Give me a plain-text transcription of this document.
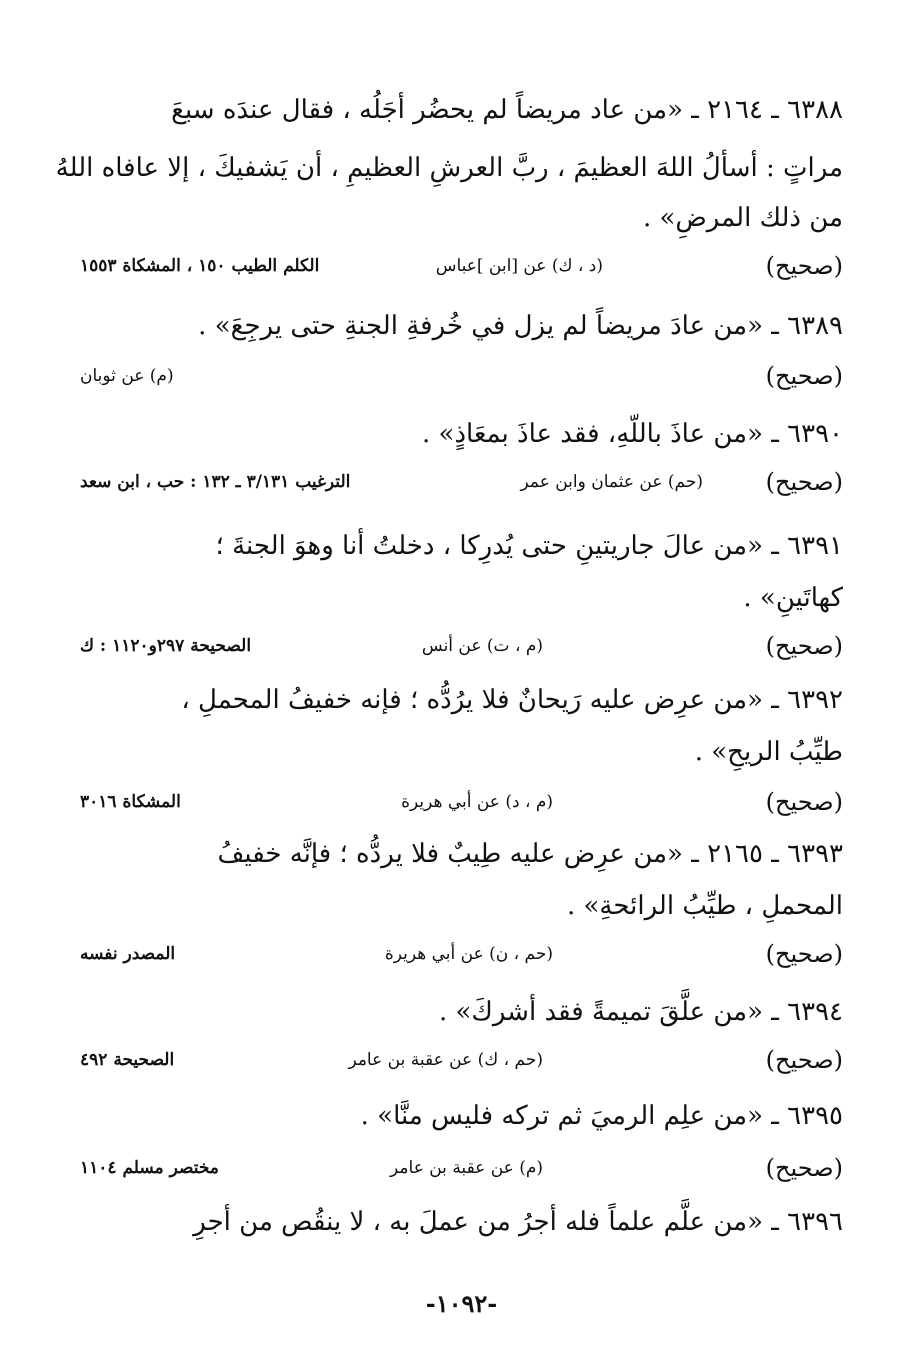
٦٣٨٨ ـ ٢١٦٤ ـ «من عاد مريضاً لم يحضُر أجَلُه ، فقال عندَه سبعَ
مراتٍ : أسألُ اللهَ العظيمَ ، ربَّ العرشِ العظيمِ ، أن يَشفيكَ ، إلا عافاه اللهُ
من ذلك المرضِ» .
(صحيح)
(د ، ك) عن [ابن ]عباس
الكلم الطيب ١٥٠ ، المشكاة ١٥٥٣
٦٣٨٩ ـ «من عادَ مريضاً لم يزل في خُرفةِ الجنةِ حتى يرجِعَ» .
(صحيح)
(م) عن ثوبان
٦٣٩٠ ـ «من عاذَ باللّهِ، فقد عاذَ بمعَاذٍ» .
(صحيح)
(حم) عن عثمان وابن عمر
الترغيب ٣/١٣١ ـ ١٣٢ : حب ، ابن سعد
٦٣٩١ ـ «من عالَ جاريتينِ حتى يُدرِكا ، دخلتُ أنا وهوَ الجنةَ ؛
كهاتَينِ» .
(صحيح)
(م ، ت) عن أنس
الصحيحة ٢٩٧و١١٢٠ : ك
٦٣٩٢ ـ «من عرِض عليه رَيحانٌ فلا يرُدُّه ؛ فإنه خفيفُ المحملِ ،
طيِّبُ الريحِ» .
(صحيح)
(م ، د) عن أبي هريرة
المشكاة ٣٠١٦
٦٣٩٣ ـ ٢١٦٥ ـ «من عرِض عليه طِيبٌ فلا يردُّه ؛ فإنَّه خفيفُ
المحملِ ، طيِّبُ الرائحةِ» .
(صحيح)
(حم ، ن) عن أبي هريرة
المصدر نفسه
٦٣٩٤ ـ «من علَّقَ تميمةً فقد أشركَ» .
(صحيح)
(حم ، ك) عن عقبة بن عامر
الصحيحة ٤٩٢
٦٣٩٥ ـ «من علِم الرميَ ثم تركه فليس منَّا» .
(صحيح)
(م) عن عقبة بن عامر
مختصر مسلم ١١٠٤
٦٣٩٦ ـ «من علَّم علماً فله أجرُ من عملَ به ، لا ينقُص من أجرِ
-١٠٩٢-
